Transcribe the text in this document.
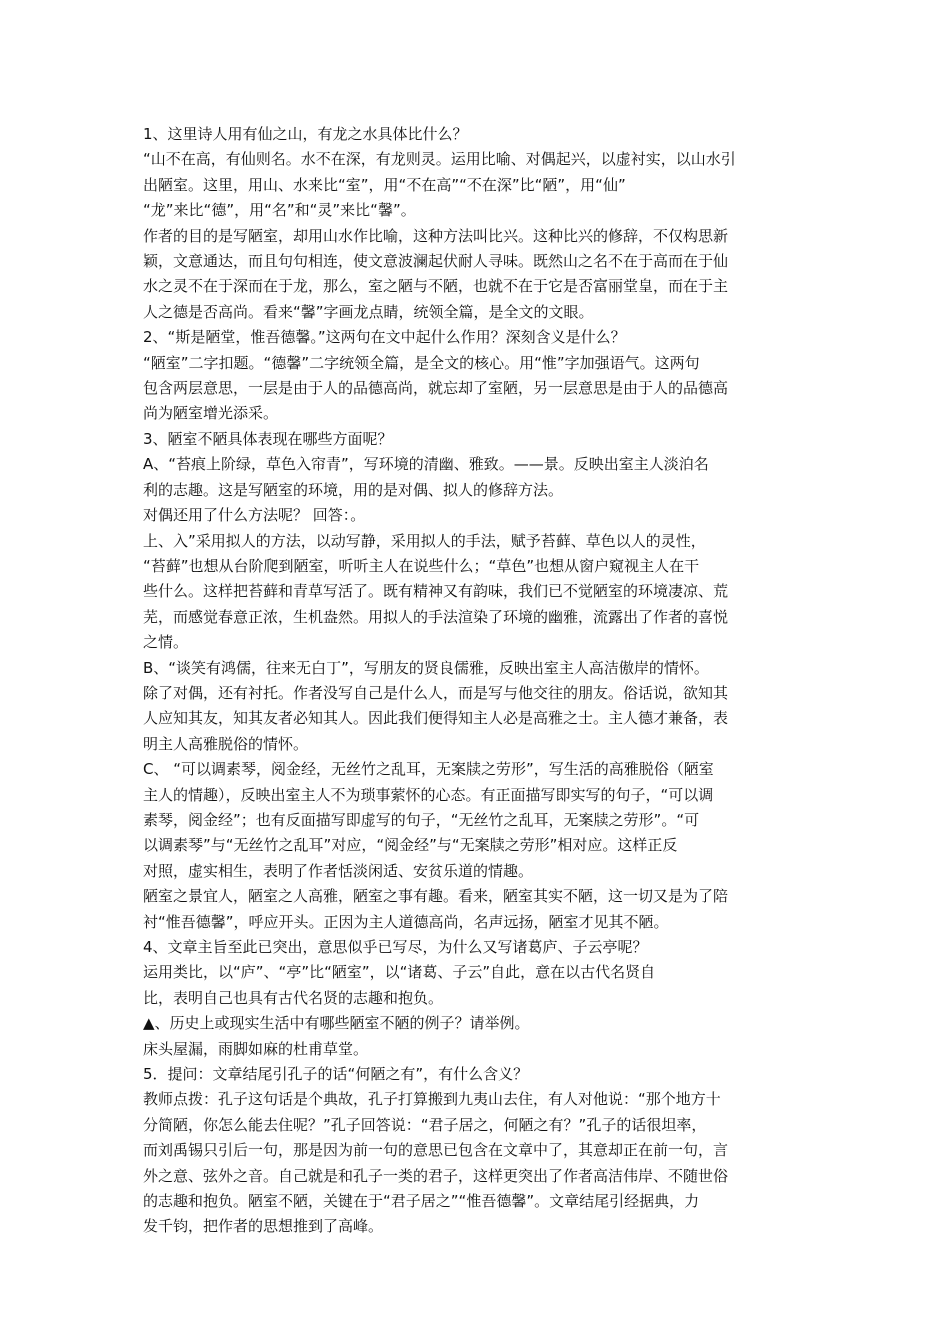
1、这里诗人用有仙之山，有龙之水具体比什么？
“山不在高，有仙则名。水不在深，有龙则灵。运用比喻、对偶起兴，以虚衬实，以山水引
出陋室。这里，用山、水来比“室”，用“不在高”“不在深”比“陋”，用“仙”
“龙”来比“德”，用“名”和“灵”来比“馨”。
作者的目的是写陋室，却用山水作比喻，这种方法叫比兴。这种比兴的修辞，不仅构思新
颖，文意通达，而且句句相连，使文意波澜起伏耐人寻味。既然山之名不在于高而在于仙
水之灵不在于深而在于龙，那么，室之陋与不陋，也就不在于它是否富丽堂皇，而在于主
人之德是否高尚。看来“馨”字画龙点睛，统领全篇，是全文的文眼。
2、“斯是陋堂，惟吾德馨。”这两句在文中起什么作用？深刻含义是什么？
“陋室”二字扣题。“德馨”二字统领全篇，是全文的核心。用“惟”字加强语气。这两句
包含两层意思，一层是由于人的品德高尚，就忘却了室陋，另一层意思是由于人的品德高
尚为陋室增光添采。
3、陋室不陋具体表现在哪些方面呢？
A、“苔痕上阶绿，草色入帘青”，写环境的清幽、雅致。——景。反映出室主人淡泊名
利的志趣。这是写陋室的环境，用的是对偶、拟人的修辞方法。
对偶还用了什么方法呢？ 回答：。
上、入”采用拟人的方法，以动写静，采用拟人的手法，赋予苔藓、草色以人的灵性，
“苔藓”也想从台阶爬到陋室，听听主人在说些什么；“草色”也想从窗户窥视主人在干
些什么。这样把苔藓和青草写活了。既有精神又有韵味，我们已不觉陋室的环境凄凉、荒
芜，而感觉春意正浓，生机盎然。用拟人的手法渲染了环境的幽雅，流露出了作者的喜悦
之情。
B、“谈笑有鸿儒，往来无白丁”，写朋友的贤良儒雅，反映出室主人高洁傲岸的情怀。
除了对偶，还有衬托。作者没写自己是什么人，而是写与他交往的朋友。俗话说，欲知其
人应知其友，知其友者必知其人。因此我们便得知主人必是高雅之士。主人德才兼备，表
明主人高雅脱俗的情怀。
C、 “可以调素琴，阅金经，无丝竹之乱耳，无案牍之劳形”，写生活的高雅脱俗（陋室
主人的情趣），反映出室主人不为琐事萦怀的心态。有正面描写即实写的句子，“可以调
素琴，阅金经”；也有反面描写即虚写的句子，“无丝竹之乱耳，无案牍之劳形”。“可
以调素琴”与“无丝竹之乱耳”对应，“阅金经”与“无案牍之劳形”相对应。这样正反
对照，虚实相生，表明了作者恬淡闲适、安贫乐道的情趣。
陋室之景宜人，陋室之人高雅，陋室之事有趣。看来，陋室其实不陋，这一切又是为了陪
衬“惟吾德馨”，呼应开头。正因为主人道德高尚，名声远扬，陋室才见其不陋。
4、文章主旨至此已突出，意思似乎已写尽，为什么又写诸葛庐、子云亭呢？
运用类比，以“庐”、“亭”比“陋室”，以“诸葛、子云”自此，意在以古代名贤自
比，表明自己也具有古代名贤的志趣和抱负。
▲、历史上或现实生活中有哪些陋室不陋的例子？请举例。
床头屋漏，雨脚如麻的杜甫草堂。
5．提问：文章结尾引孔子的话“何陋之有”，有什么含义？
教师点拨：孔子这句话是个典故，孔子打算搬到九夷山去住，有人对他说：“那个地方十
分简陋，你怎么能去住呢？”孔子回答说：“君子居之，何陋之有？”孔子的话很坦率，
而刘禹锡只引后一句，那是因为前一句的意思已包含在文章中了，其意却正在前一句，言
外之意、弦外之音。自己就是和孔子一类的君子，这样更突出了作者高洁伟岸、不随世俗
的志趣和抱负。陋室不陋，关键在于“君子居之”“惟吾德馨”。文章结尾引经据典，力
发千钧，把作者的思想推到了高峰。
